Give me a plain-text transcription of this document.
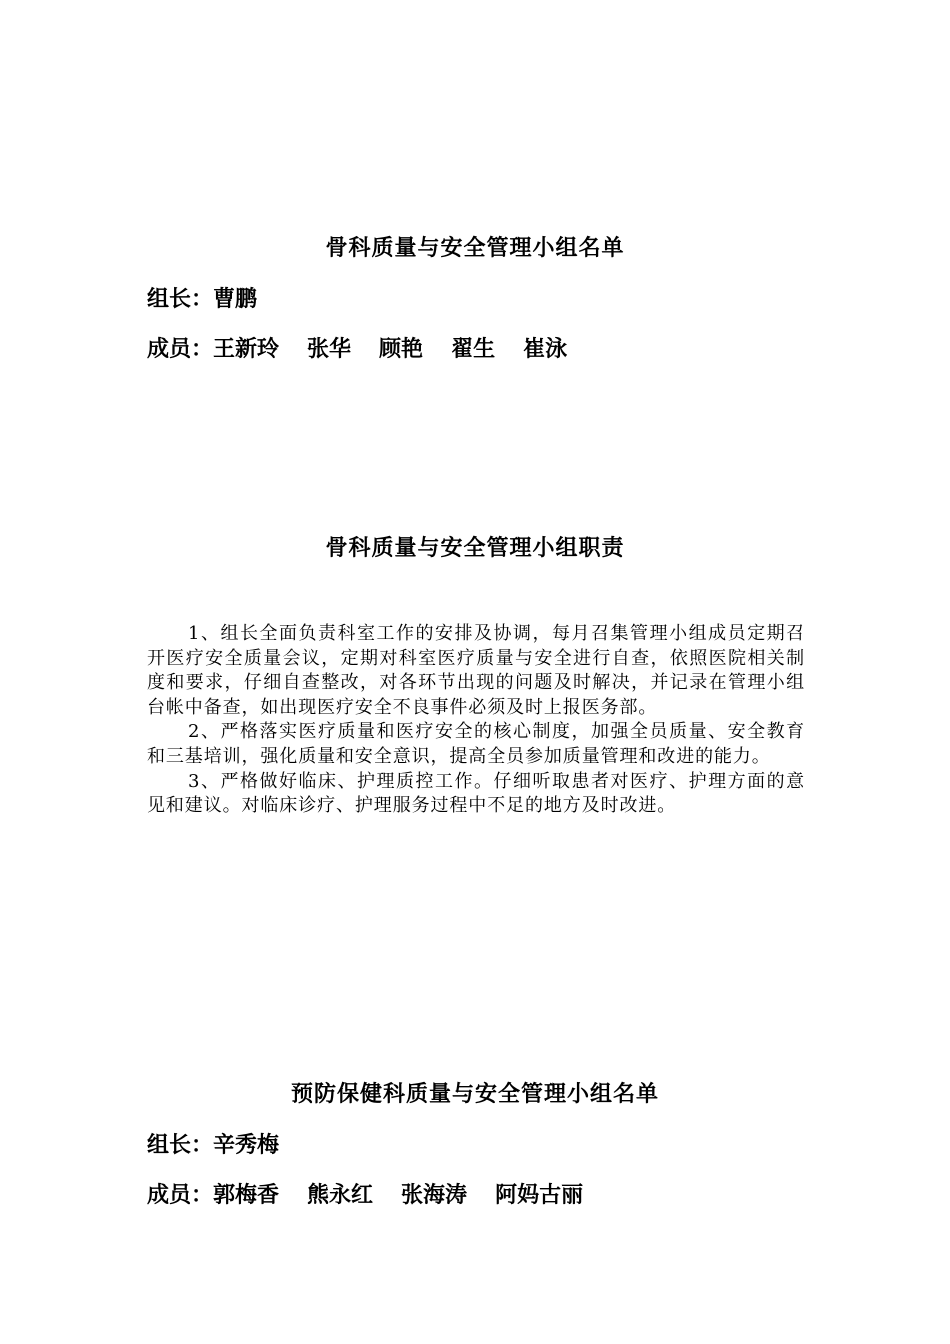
骨科质量与安全管理小组名单
组长：曹鹏
成员：王新玲 张华 顾艳 翟生 崔泳
骨科质量与安全管理小组职责

1、组长全面负责科室工作的安排及协调，每月召集管理小组成员定期召开医疗安全质量会议，定期对科室医疗质量与安全进行自查，依照医院相关制度和要求，仔细自查整改，对各环节出现的问题及时解决，并记录在管理小组台帐中备查，如出现医疗安全不良事件必须及时上报医务部。

2、严格落实医疗质量和医疗安全的核心制度，加强全员质量、安全教育和三基培训，强化质量和安全意识，提高全员参加质量管理和改进的能力。

3、严格做好临床、护理质控工作。仔细听取患者对医疗、护理方面的意见和建议。对临床诊疗、护理服务过程中不足的地方及时改进。

预防保健科质量与安全管理小组名单
组长：辛秀梅
成员：郭梅香 熊永红 张海涛 阿妈古丽
